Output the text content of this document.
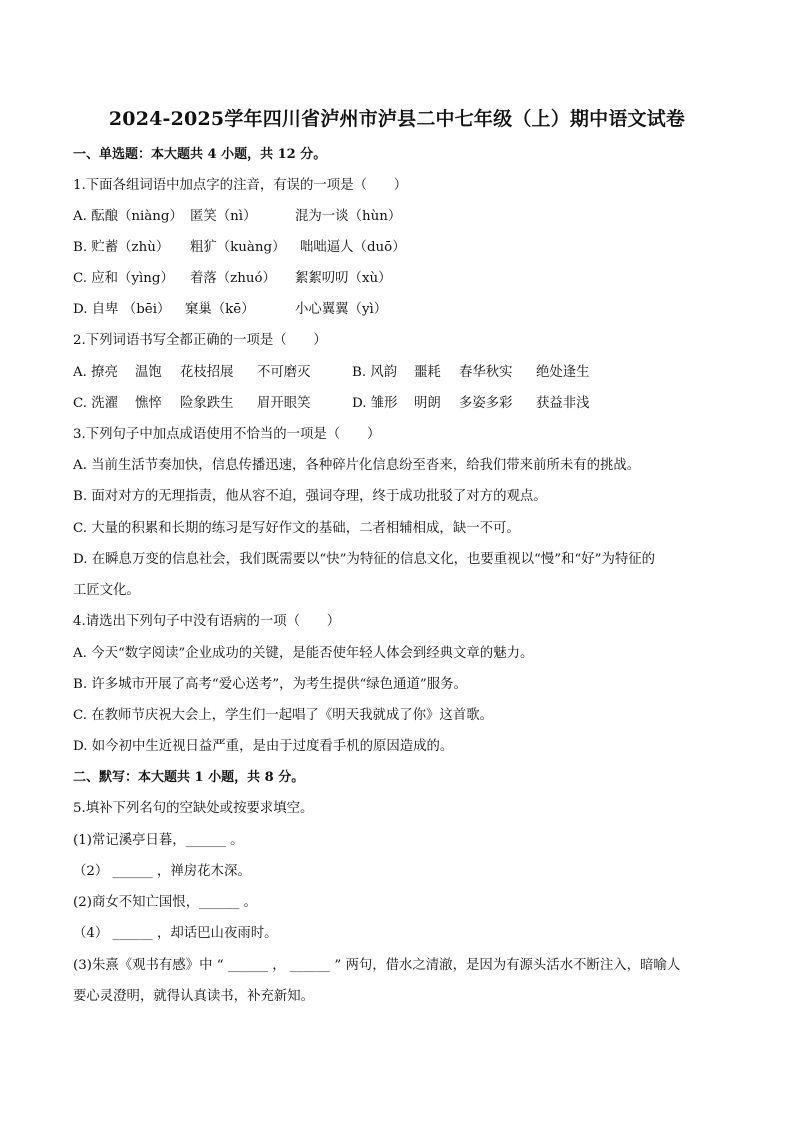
2024-2025学年四川省泸州市泸县二中七年级（上）期中语文试卷
一、单选题：本大题共 4 小题，共 12 分。
1.下面各组词语中加点字的注音，有误的一项是（　　）
A. 酝酿（niàng） 匿笑（nì）	混为一谈（hùn）
B. 贮蓄（zhù） 粗犷（kuàng） 咄咄逼人（duō）
C. 应和（yìng） 着落（zhuó） 絮絮叨叨（xù）
D. 自卑 （bēi） 窠巢（kē）	小心翼翼（yì）
2.下列词语书写全都正确的一项是（　　）
A. 撩亮 温饱 花枝招展 不可磨灭	B. 风韵 噩耗 春华秋实 绝处逢生
C. 洗濯 憔悴 险象跌生 眉开眼笑	D. 雏形 明朗 多姿多彩 获益非浅
3.下列句子中加点成语使用不恰当的一项是（　　）
A. 当前生活节奏加快，信息传播迅速，各种碎片化信息纷至沓来，给我们带来前所未有的挑战。
B. 面对对方的无理指责，他从容不迫，强词夺理，终于成功批驳了对方的观点。
C. 大量的积累和长期的练习是写好作文的基础，二者相辅相成，缺一不可。
D. 在瞬息万变的信息社会，我们既需要以“快”为特征的信息文化，也要重视以“慢”和“好”为特征的
工匠文化。
4.请选出下列句子中没有语病的一项（　　）
A. 今天“数字阅读”企业成功的关键，是能否使年轻人体会到经典文章的魅力。
B. 许多城市开展了高考“爱心送考”，为考生提供“绿色通道”服务。
C. 在教师节庆祝大会上，学生们一起唱了《明天我就成了你》这首歌。
D. 如今初中生近视日益严重，是由于过度看手机的原因造成的。
二、默写：本大题共 1 小题，共 8 分。
5.填补下列名句的空缺处或按要求填空。
(1)常记溪亭日暮，______ 。
（2） ______ ，禅房花木深。
(2)商女不知亡国恨，______ 。
（4） ______ ，却话巴山夜雨时。
(3)朱熹《观书有感》中 “ ______ ， ______ ” 两句，借水之清澈，是因为有源头活水不断注入，暗喻人
要心灵澄明，就得认真读书，补充新知。
